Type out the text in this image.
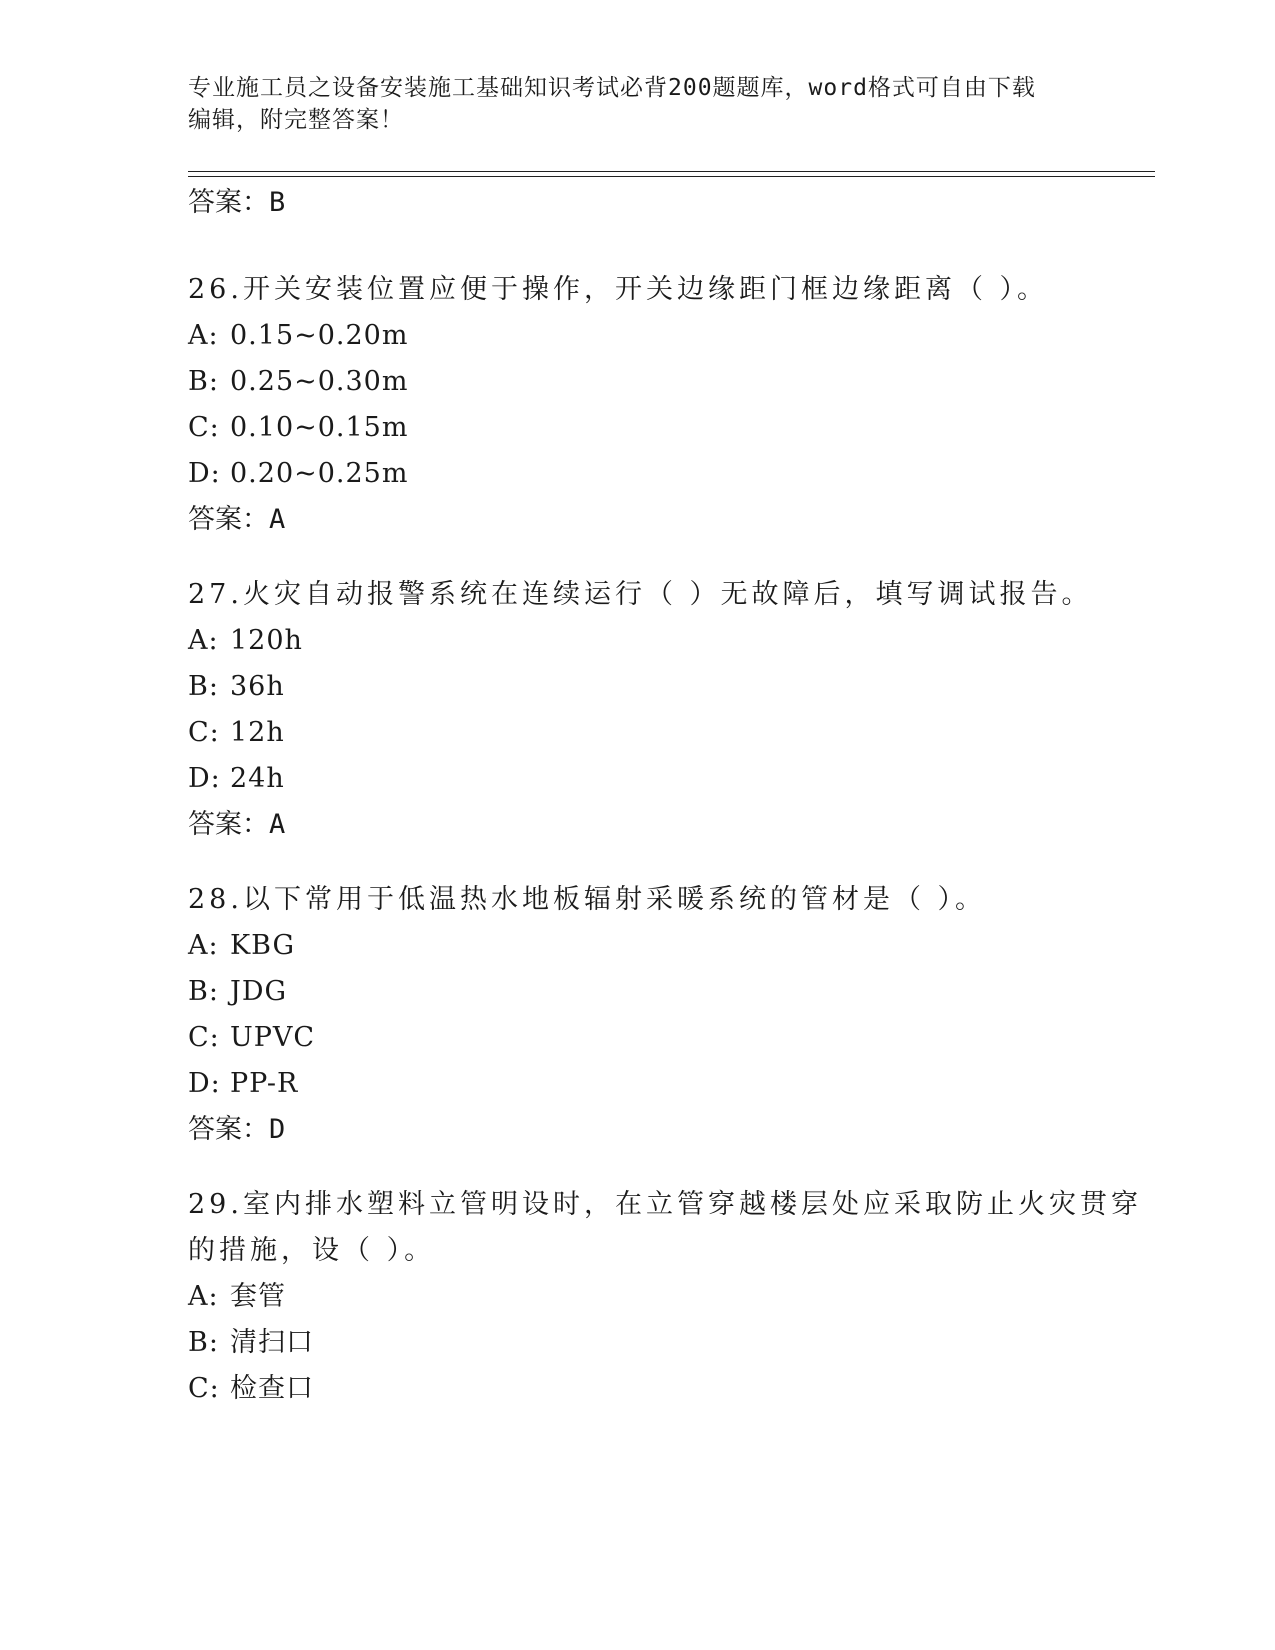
专业施工员之设备安装施工基础知识考试必背200题题库，word格式可自由下载
编辑，附完整答案！
答案：B
26.开关安装位置应便于操作，开关边缘距门框边缘距离（ ）。
A: 0.15~0.20m
B: 0.25~0.30m
C: 0.10~0.15m
D: 0.20~0.25m
答案：A
27.火灾自动报警系统在连续运行（ ）无故障后，填写调试报告。
A: 120h
B: 36h
C: 12h
D: 24h
答案：A
28.以下常用于低温热水地板辐射采暖系统的管材是（ ）。
A: KBG
B: JDG
C: UPVC
D: PP-R
答案：D
29.室内排水塑料立管明设时，在立管穿越楼层处应采取防止火灾贯穿
的措施，设（ ）。
A: 套管
B: 清扫口
C: 检查口
